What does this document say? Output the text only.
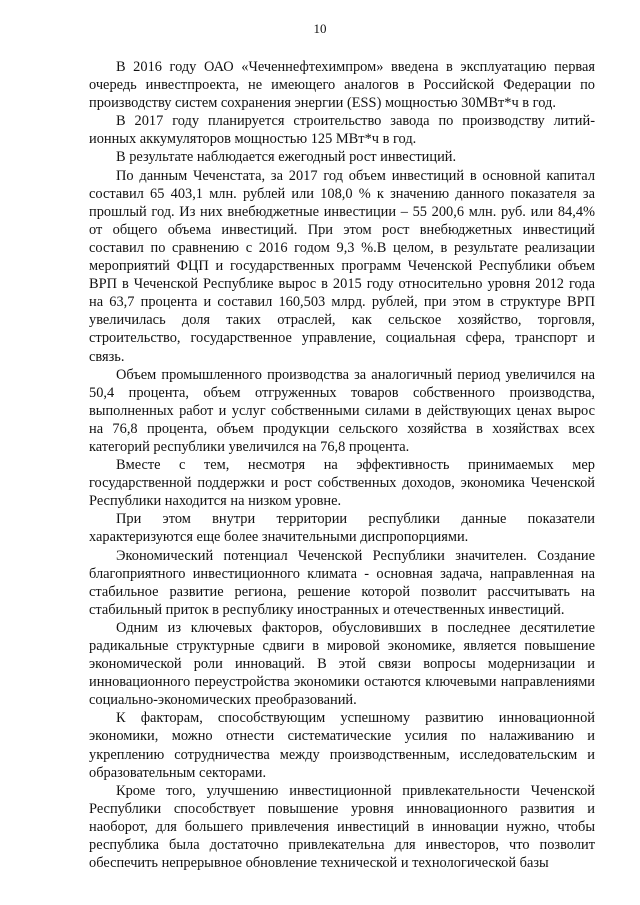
10

В 2016 году ОАО «Чеченнефтехимпром» введена в эксплуатацию первая очередь инвестпроекта, не имеющего аналогов в Российской Федерации по производству систем сохранения энергии (ESS) мощностью 30МВт*ч в год.

В 2017 году планируется строительство завода по производству литий-ионных аккумуляторов мощностью 125 МВт*ч в год.

В результате наблюдается ежегодный рост инвестиций.

По данным Чеченстата, за 2017 год объем инвестиций в основной капитал составил 65 403,1 млн. рублей или 108,0 % к значению данного показателя за прошлый год. Из них внебюджетные инвестиции – 55 200,6 млн. руб. или 84,4% от общего объема инвестиций. При этом рост внебюджетных инвестиций составил по сравнению с 2016 годом 9,3 %.В целом, в результате реализации мероприятий ФЦП и государственных программ Чеченской Республики объем ВРП в Чеченской Республике вырос в 2015 году относительно уровня 2012 года на 63,7 процента и составил 160,503 млрд. рублей, при этом в структуре ВРП увеличилась доля таких отраслей, как сельское хозяйство, торговля, строительство, государственное управление, социальная сфера, транспорт и связь.

Объем промышленного производства за аналогичный период увеличился на 50,4 процента, объем отгруженных товаров собственного производства, выполненных работ и услуг собственными силами в действующих ценах вырос на 76,8 процента, объем продукции сельского хозяйства в хозяйствах всех категорий республики увеличился на 76,8 процента.

Вместе с тем, несмотря на эффективность принимаемых мер государственной поддержки и рост собственных доходов, экономика Чеченской Республики находится на низком уровне.

При этом внутри территории республики данные показатели характеризуются еще более значительными диспропорциями.

Экономический потенциал Чеченской Республики значителен. Создание благоприятного инвестиционного климата - основная задача, направленная на стабильное развитие региона, решение которой позволит рассчитывать на стабильный приток в республику иностранных и отечественных инвестиций.

Одним из ключевых факторов, обусловивших в последнее десятилетие радикальные структурные сдвиги в мировой экономике, является повышение экономической роли инноваций. В этой связи вопросы модернизации и инновационного переустройства экономики остаются ключевыми направлениями социально-экономических преобразований.

К факторам, способствующим успешному развитию инновационной экономики, можно отнести систематические усилия по налаживанию и укреплению сотрудничества между производственным, исследовательским и образовательным секторами.

Кроме того, улучшению инвестиционной привлекательности Чеченской Республики способствует повышение уровня инновационного развития и наоборот, для большего привлечения инвестиций в инновации нужно, чтобы республика была достаточно привлекательна для инвесторов, что позволит обеспечить непрерывное обновление технической и технологической базы
